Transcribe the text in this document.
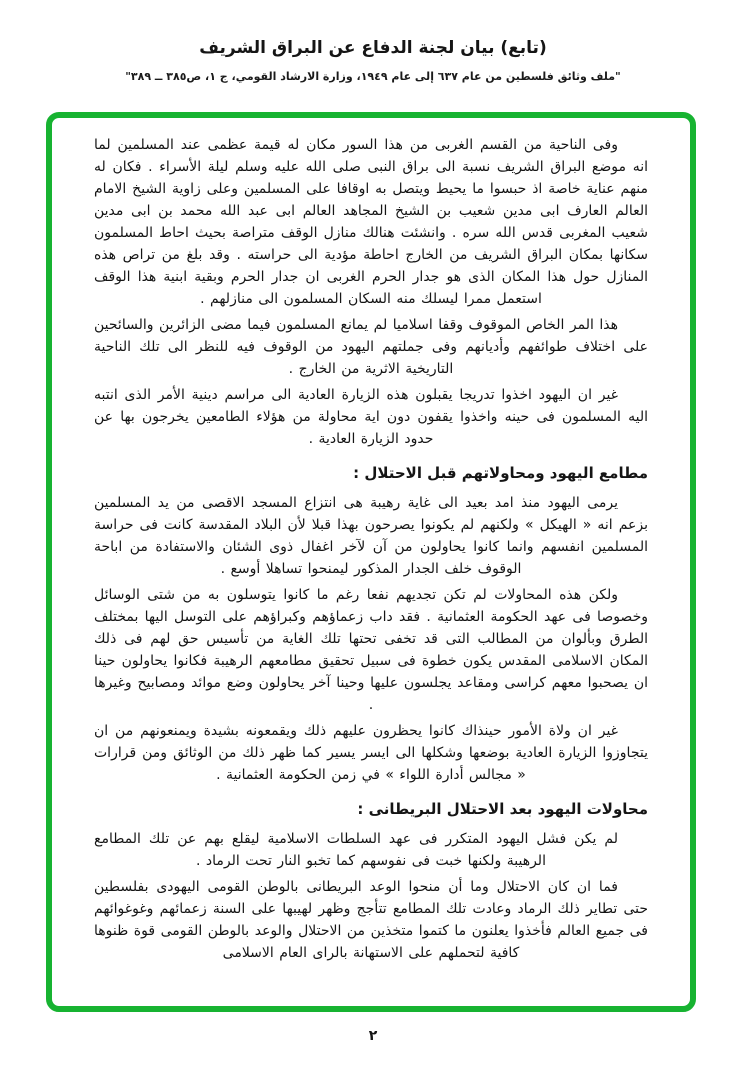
(تابع) بيان لجنة الدفاع عن البراق الشريف
"ملف وثائق فلسطين من عام ٦٣٧ إلى عام ١٩٤٩، وزارة الارشاد القومي، ج ١، ص٣٨٥ ــ ٣٨٩"

وفى الناحية من القسم الغربى من هذا السور مكان له قيمة عظمى عند المسلمين لما انه موضع البراق الشريف نسبة الى براق النبى صلى الله عليه وسلم ليلة الأسراء . فكان له منهم عناية خاصة اذ حبسوا ما يحيط ويتصل به اوقافا على المسلمين وعلى زاوية الشيخ الامام العالم العارف ابى مدين شعيب بن الشيخ المجاهد العالم ابى عبد الله محمد بن ابى مدين شعيب المغربى قدس الله سره . وانشئت هنالك منازل الوقف متراصة بحيث احاط المسلمون سكانها بمكان البراق الشريف من الخارج احاطة مؤدية الى حراسته . وقد بلغ من تراص هذه المنازل حول هذا المكان الذى هو جدار الحرم الغربى ان جدار الحرم وبقية ابنية هذا الوقف استعمل ممرا ليسلك منه السكان المسلمون الى منازلهم .

هذا المر الخاص الموقوف وقفا اسلاميا لم يمانع المسلمون فيما مضى الزائرين والسائحين على اختلاف طوائفهم وأديانهم وفى جملتهم اليهود من الوقوف فيه للنظر الى تلك الناحية التاريخية الاثرية من الخارج .

غير ان اليهود اخذوا تدريجا يقبلون هذه الزيارة العادية الى مراسم دينية الأمر الذى انتبه اليه المسلمون فى حينه واخذوا يقفون دون اية محاولة من هؤلاء الطامعين يخرجون بها عن حدود الزيارة العادية .

مطامع اليهود ومحاولاتهم قبل الاحتلال :

يرمى اليهود منذ امد بعيد الى غاية رهيبة هى انتزاع المسجد الاقصى من يد المسلمين بزعم انه « الهيكل » ولكنهم لم يكونوا يصرحون بهذا قبلا لأن البلاد المقدسة كانت فى حراسة المسلمين انفسهم وانما كانوا يحاولون من آن لآخر اغفال ذوى الشئان والاستفادة من اباحة الوقوف خلف الجدار المذكور ليمنحوا تساهلا أوسع .

ولكن هذه المحاولات لم تكن تجديهم نفعا رغم ما كانوا يتوسلون به من شتى الوسائل وخصوصا فى عهد الحكومة العثمانية . فقد داب زعماؤهم وكبراؤهم على التوسل اليها بمختلف الطرق وبألوان من المطالب التى قد تخفى تحتها تلك الغاية من تأسيس حق لهم فى ذلك المكان الاسلامى المقدس يكون خطوة فى سبيل تحقيق مطامعهم الرهيبة فكانوا يحاولون حينا ان يصحبوا معهم كراسى ومقاعد يجلسون عليها وحينا آخر يحاولون وضع موائد ومصابيح وغيرها .

غير ان ولاة الأمور حينذاك كانوا يحظرون عليهم ذلك ويقمعونه بشيدة ويمنعونهم من ان يتجاوزوا الزيارة العادية بوضعها وشكلها الى ايسر يسير كما ظهر ذلك من الوثائق ومن قرارات « مجالس أدارة اللواء » في زمن الحكومة العثمانية .

محاولات اليهود بعد الاحتلال البريطانى :

لم يكن فشل اليهود المتكرر فى عهد السلطات الاسلامية ليقلع بهم عن تلك المطامع الرهيبة ولكنها خبت فى نفوسهم كما تخبو النار تحت الرماد .

فما ان كان الاحتلال وما أن منحوا الوعد البريطانى بالوطن القومى اليهودى بفلسطين حتى تطاير ذلك الرماد وعادت تلك المطامع تتأجج وظهر لهيبها على السنة زعمائهم وغوغوائهم فى جميع العالم فأخذوا يعلنون ما كتموا متخذين من الاحتلال والوعد بالوطن القومى قوة ظنوها كافية لتحملهم على الاستهانة بالراى العام الاسلامى

٢
